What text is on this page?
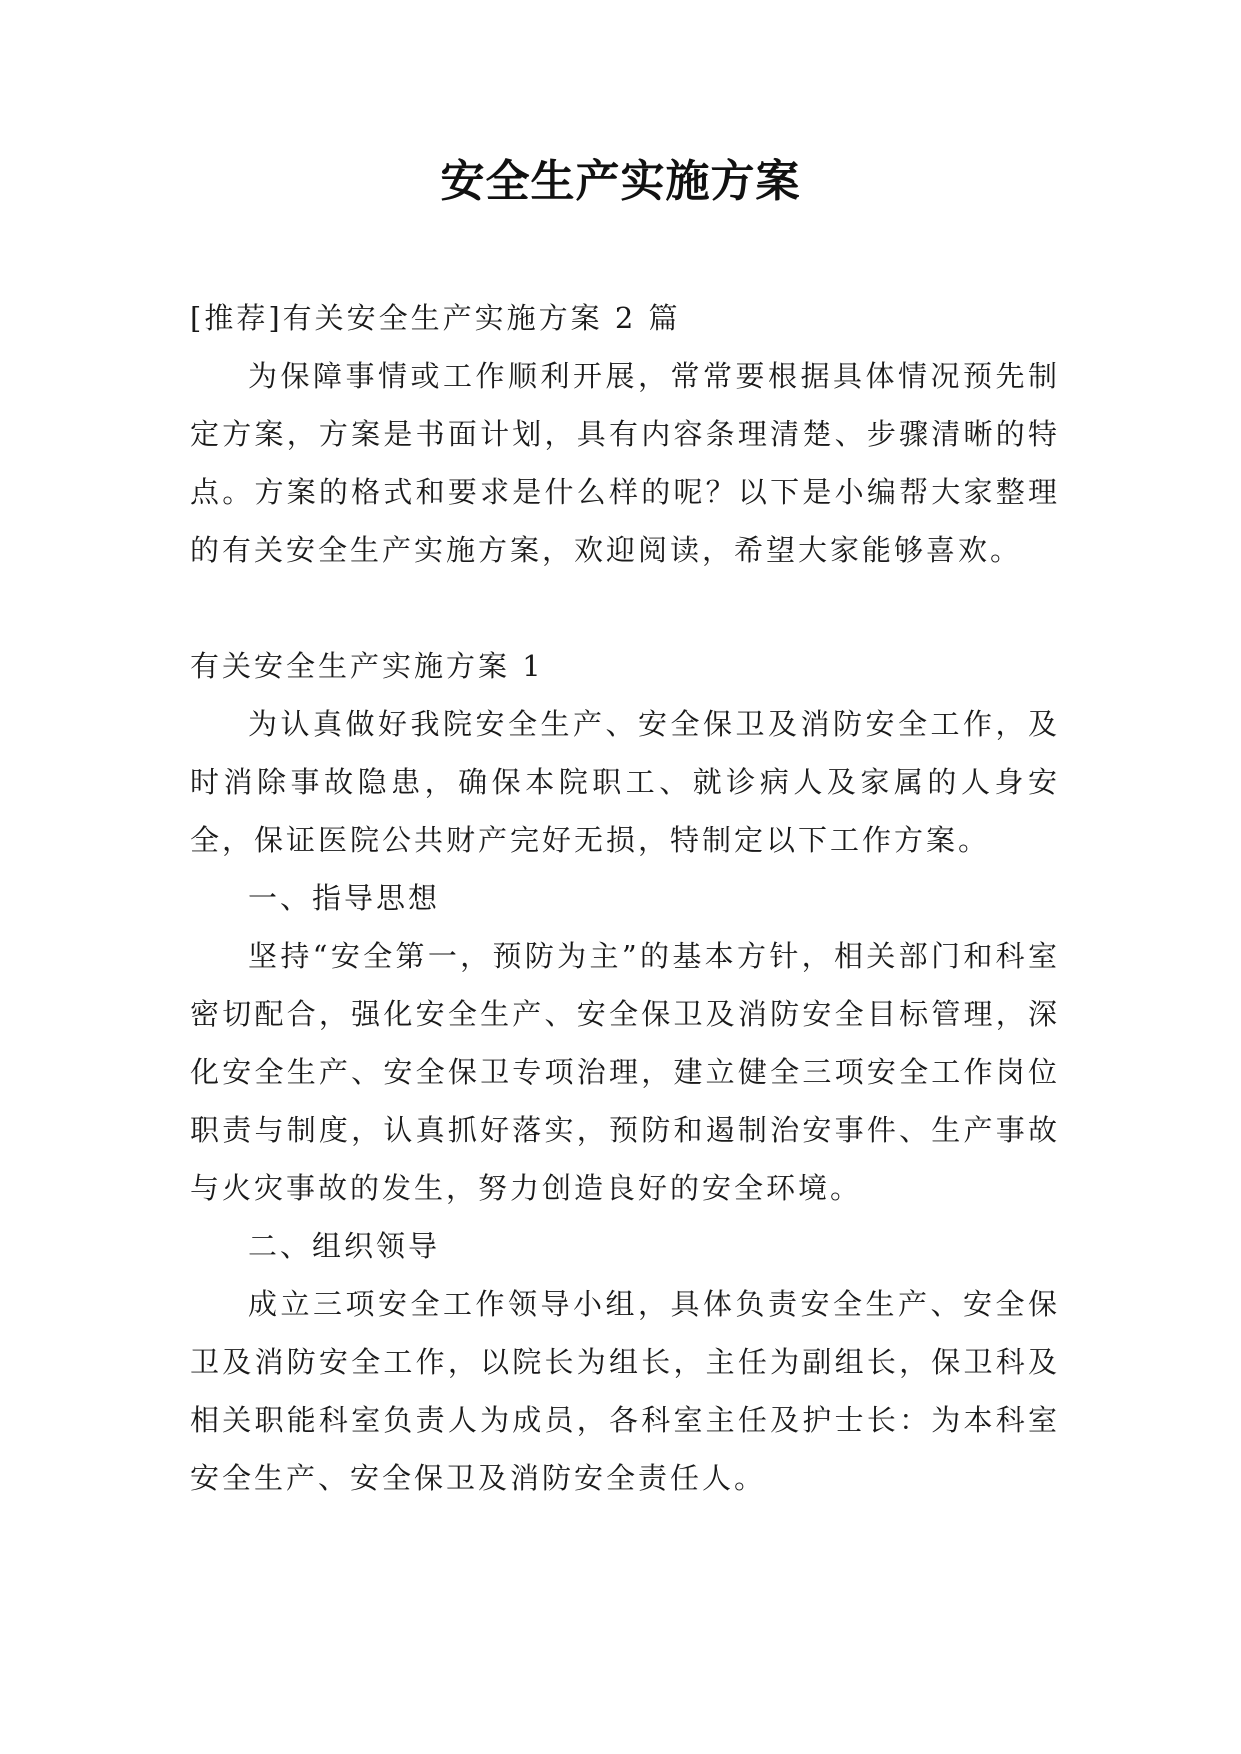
安全生产实施方案

[推荐]有关安全生产实施方案 2 篇

为保障事情或工作顺利开展，常常要根据具体情况预先制定方案，方案是书面计划，具有内容条理清楚、步骤清晰的特点。方案的格式和要求是什么样的呢？以下是小编帮大家整理的有关安全生产实施方案，欢迎阅读，希望大家能够喜欢。

有关安全生产实施方案 1

为认真做好我院安全生产、安全保卫及消防安全工作，及时消除事故隐患，确保本院职工、就诊病人及家属的人身安全，保证医院公共财产完好无损，特制定以下工作方案。

一、指导思想

坚持“安全第一，预防为主”的基本方针，相关部门和科室密切配合，强化安全生产、安全保卫及消防安全目标管理，深化安全生产、安全保卫专项治理，建立健全三项安全工作岗位职责与制度，认真抓好落实，预防和遏制治安事件、生产事故与火灾事故的发生，努力创造良好的安全环境。

二、组织领导

成立三项安全工作领导小组，具体负责安全生产、安全保卫及消防安全工作，以院长为组长，主任为副组长，保卫科及相关职能科室负责人为成员，各科室主任及护士长：为本科室安全生产、安全保卫及消防安全责任人。
